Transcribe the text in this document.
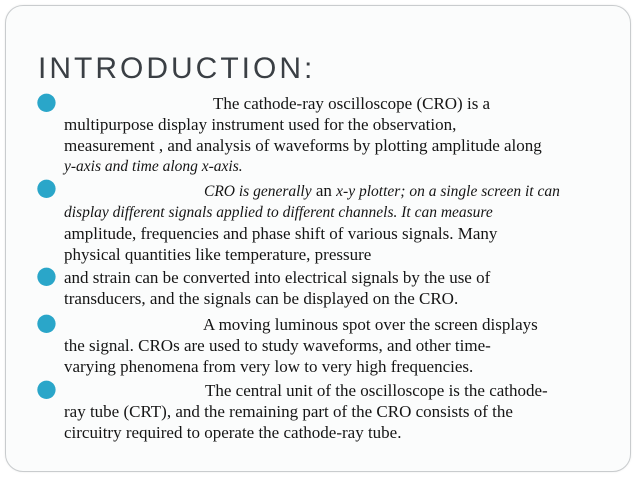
INTRODUCTION:
●	The cathode-ray oscilloscope (CRO) is a
multipurpose display instrument used for the observation,
measurement , and analysis of waveforms by plotting amplitude along
y-axis and time along x-axis.
●	CRO is generally an x-y plotter; on a single screen it can
display different signals applied to different channels. It can measure
amplitude, frequencies and phase shift of various signals. Many
physical quantities like temperature, pressure
● and strain can be converted into electrical signals by the use of
transducers, and the signals can be displayed on the CRO.
●	A moving luminous spot over the screen displays
the signal. CROs are used to study waveforms, and other time-
varying phenomena from very low to very high frequencies.
●	The central unit of the oscilloscope is the cathode-
ray tube (CRT), and the remaining part of the CRO consists of the
circuitry required to operate the cathode-ray tube.
